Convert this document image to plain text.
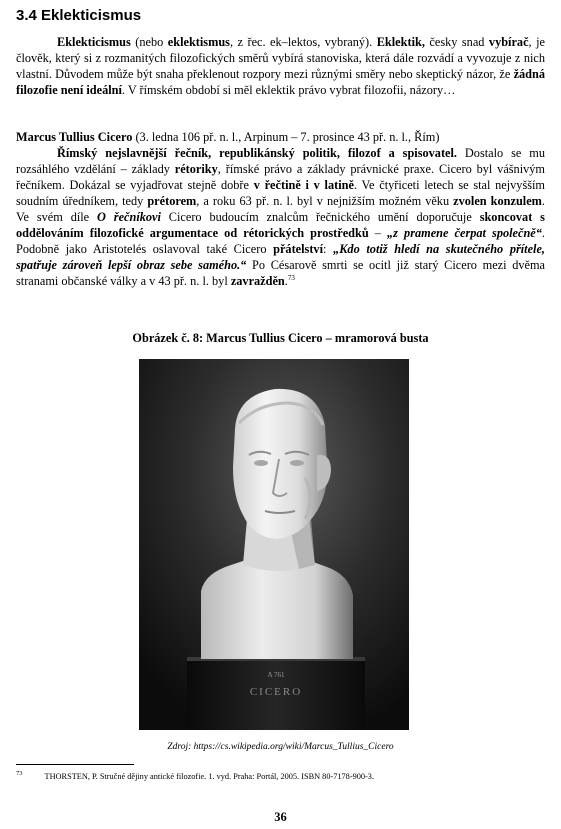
3.4 Eklekticismus
Eklekticismus (nebo eklektismus, z řec. ek–lektos, vybraný). Eklektik, česky snad vybírač, je člověk, který si z rozmanitých filozofických směrů vybírá stanoviska, která dále rozvádí a vyvozuje z nich vlastní. Důvodem může být snaha překlenout rozpory mezi různými směry nebo skeptický názor, že žádná filozofie není ideální. V římském období si měl eklektik právo vybrat filozofii, názory…
Marcus Tullius Cicero (3. ledna 106 př. n. l., Arpinum – 7. prosince 43 př. n. l., Řím)
Římský nejslavnější řečník, republikánský politik, filozof a spisovatel. Dostalo se mu rozsáhlého vzdělání – základy rétoriky, římské právo a základy právnické praxe. Cicero byl vášnivým řečníkem. Dokázal se vyjadřovat stejně dobře v řečtině i v latině. Ve čtyřiceti letech se stal nejvyšším soudním úředníkem, tedy prétorem, a roku 63 př. n. l. byl v nejnižším možném věku zvolen konzulem. Ve svém díle O řečníkovi Cicero budoucím znalcům řečnického umění doporučuje skoncovat s oddělováním filozofické argumentace od rétorických prostředků – „z pramene čerpat společně“. Podobně jako Aristotelés oslavoval také Cicero přátelství: „Kdo totiž hledí na skutečného přítele, spatřuje zároveň lepší obraz sebe samého.“ Po Césarově smrti se ocitl již starý Cicero mezi dvěma stranami občanské války a v 43 př. n. l. byl zavražděn.$^{73}$
Obrázek č. 8: Marcus Tullius Cicero – mramorová busta
A 761
CICERO
Zdroj: https://cs.wikipedia.org/wiki/Marcus_Tullius_Cicero
$^{73}$	THORSTEN, P. Stručné dějiny antické filozofie. 1. vyd. Praha: Portál, 2005. ISBN 80-7178-900-3.
36
